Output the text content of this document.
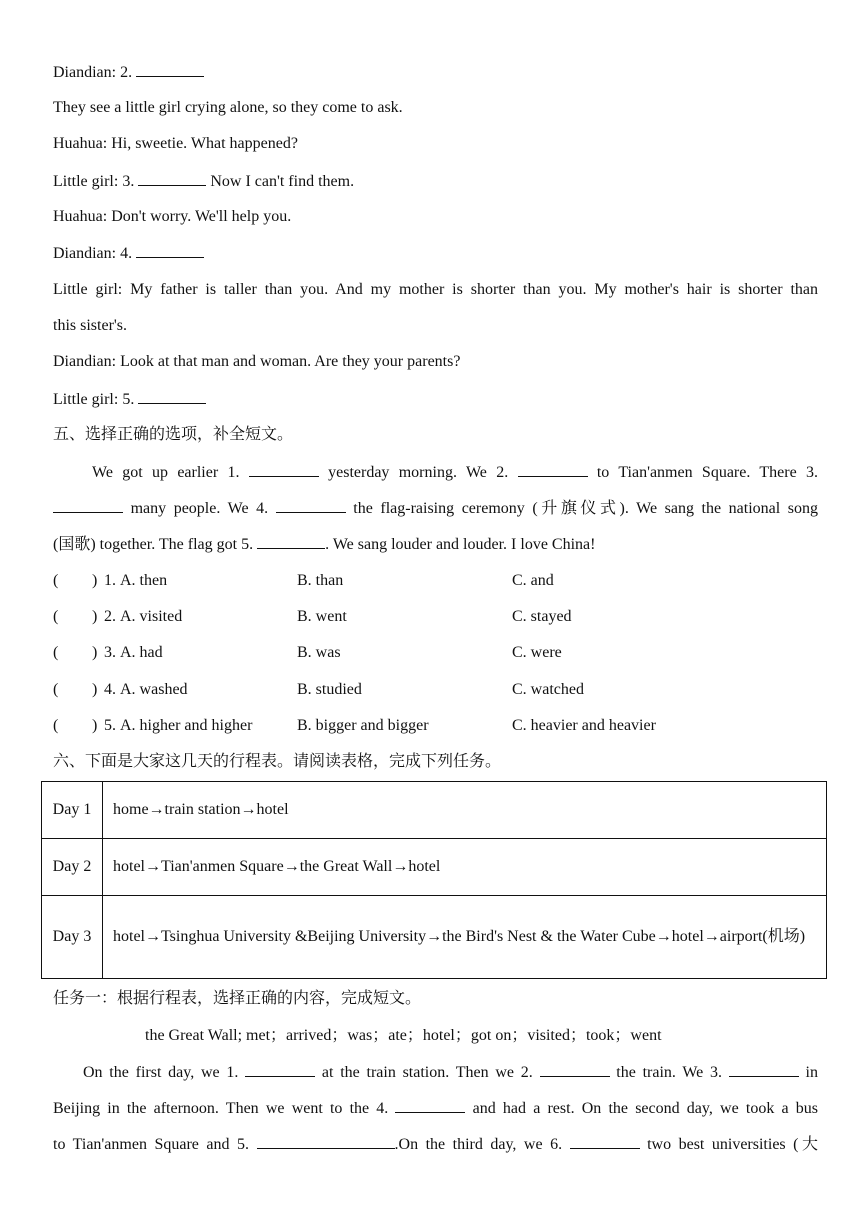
Diandian: 2.
They see a little girl crying alone, so they come to ask.
Huahua: Hi, sweetie. What happened?
Little girl: 3.	Now I can't find them.
Huahua: Don't worry. We'll help you.
Diandian: 4.
Little girl: My father is taller than you. And my mother is shorter than you. My mother's hair is shorter than
this sister's.
Diandian: Look at that man and woman. Are they your parents?
Little girl: 5.
五、选择正确的选项，补全短文。
We got up earlier 1.	yesterday morning. We 2.	to Tian'anmen Square. There 3.
many people. We 4.	the flag-raising ceremony (升旗仪式). We sang the national song
(国歌) together. The flag got 5.	. We sang louder and louder. I love China!
( ) 1. A. then	B. than	C. and
( ) 2. A. visited	B. went	C. stayed
( ) 3. A. had	B. was	C. were
( ) 4. A. washed	B. studied	C. watched
( ) 5. A. higher and higher	B. bigger and bigger	C. heavier and heavier
六、下面是大家这几天的行程表。请阅读表格，完成下列任务。
Day 1	home→train station→hotel
Day 2	hotel→Tian'anmen Square→the Great Wall→hotel
Day 3	hotel→Tsinghua University &Beijing University→the Bird's Nest & the Water Cube→hotel→airport(机场)
任务一：根据行程表，选择正确的内容，完成短文。
the Great Wall; met；arrived；was；ate；hotel；got on；visited；took；went
On the first day, we 1.	at the train station. Then we 2.	the train. We 3.	in
Beijing in the afternoon. Then we went to the 4.	and had a rest. On the second day, we took a bus
to Tian'anmen Square and 5.	.On the third day, we 6.	two best universities (大
